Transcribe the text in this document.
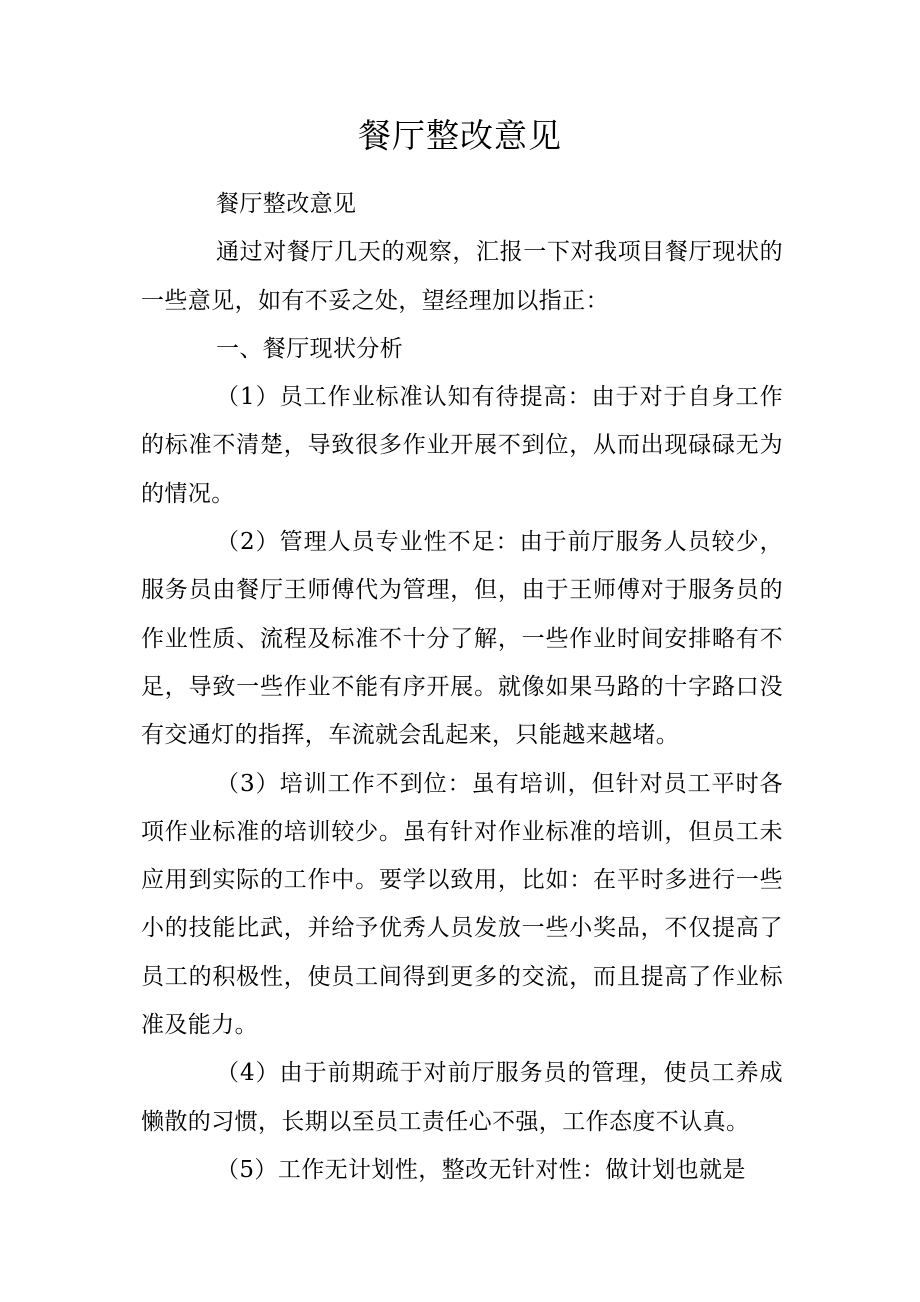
餐厅整改意见

餐厅整改意见

通过对餐厅几天的观察，汇报一下对我项目餐厅现状的一些意见，如有不妥之处，望经理加以指正：

一、餐厅现状分析

（1）员工作业标准认知有待提高：由于对于自身工作的标准不清楚，导致很多作业开展不到位，从而出现碌碌无为的情况。

（2）管理人员专业性不足：由于前厅服务人员较少，服务员由餐厅王师傅代为管理，但，由于王师傅对于服务员的作业性质、流程及标准不十分了解，一些作业时间安排略有不足，导致一些作业不能有序开展。就像如果马路的十字路口没有交通灯的指挥，车流就会乱起来，只能越来越堵。

（3）培训工作不到位：虽有培训，但针对员工平时各项作业标准的培训较少。虽有针对作业标准的培训，但员工未应用到实际的工作中。要学以致用，比如：在平时多进行一些小的技能比武，并给予优秀人员发放一些小奖品，不仅提高了员工的积极性，使员工间得到更多的交流，而且提高了作业标准及能力。

（4）由于前期疏于对前厅服务员的管理，使员工养成懒散的习惯，长期以至员工责任心不强，工作态度不认真。

（5）工作无计划性，整改无针对性：做计划也就是
